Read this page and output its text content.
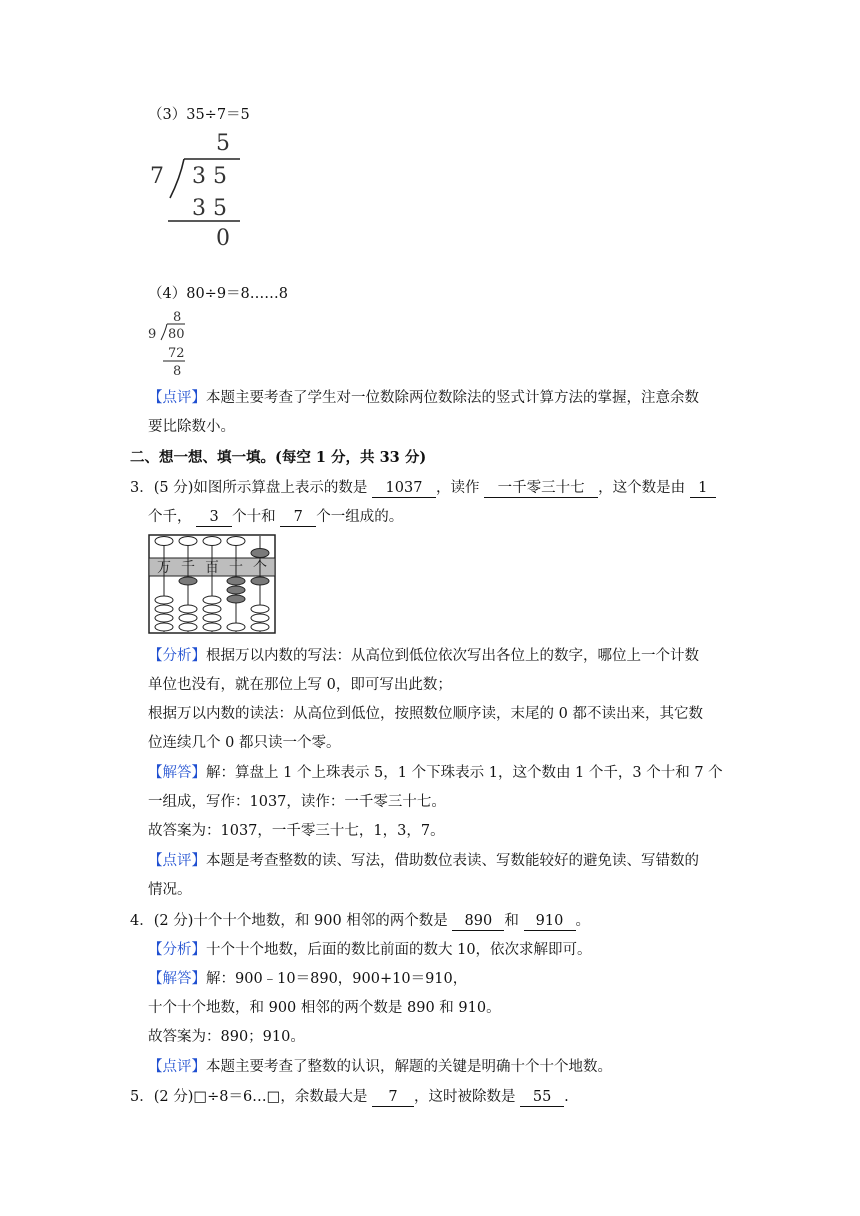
（3）35÷7＝5
5
7 3 5
3 5
0
（4）80÷9＝8……8
8
9 80
72
8
【点评】本题主要考查了学生对一位数除两位数除法的竖式计算方法的掌握，注意余数
要比除数小。
二、想一想、填一填。(每空 1 分，共 33 分)
3．(5 分)如图所示算盘上表示的数是 1037 ，读作 一千零三十七 ，这个数是由 1
个千， 3 个十和 7 个一组成的。
万 千 百 十 个
【分析】根据万以内数的写法：从高位到低位依次写出各位上的数字，哪位上一个计数
单位也没有，就在那位上写 0，即可写出此数；
根据万以内数的读法：从高位到低位，按照数位顺序读，末尾的 0 都不读出来，其它数
位连续几个 0 都只读一个零。
【解答】解：算盘上 1 个上珠表示 5，1 个下珠表示 1，这个数由 1 个千，3 个十和 7 个
一组成，写作：1037，读作：一千零三十七。
故答案为：1037，一千零三十七，1，3，7。
【点评】本题是考查整数的读、写法，借助数位表读、写数能较好的避免读、写错数的
情况。
4．(2 分)十个十个地数，和 900 相邻的两个数是 890 和 910 。
【分析】十个十个地数，后面的数比前面的数大 10，依次求解即可。
【解答】解：900﹣10＝890，900+10＝910，
十个十个地数，和 900 相邻的两个数是 890 和 910。
故答案为：890；910。
【点评】本题主要考查了整数的认识，解题的关键是明确十个十个地数。
5．(2 分)□÷8＝6…□，余数最大是 7 ，这时被除数是 55 .
